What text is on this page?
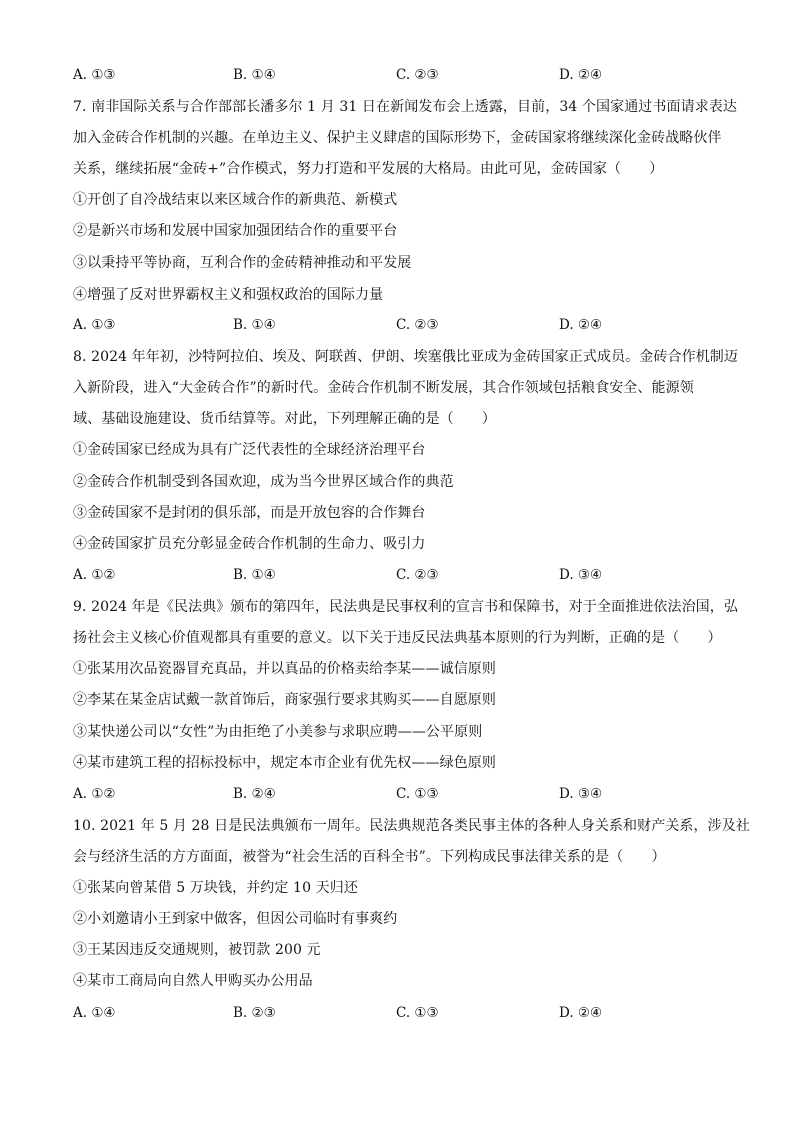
A. ①③	B. ①④	C. ②③	D. ②④
7. 南非国际关系与合作部部长潘多尔 1 月 31 日在新闻发布会上透露，目前，34 个国家通过书面请求表达
加入金砖合作机制的兴趣。在单边主义、保护主义肆虐的国际形势下，金砖国家将继续深化金砖战略伙伴
关系，继续拓展“金砖+”合作模式，努力打造和平发展的大格局。由此可见，金砖国家（　　）
①开创了自冷战结束以来区域合作的新典范、新模式
②是新兴市场和发展中国家加强团结合作的重要平台
③以秉持平等协商，互利合作的金砖精神推动和平发展
④增强了反对世界霸权主义和强权政治的国际力量
A. ①③	B. ①④	C. ②③	D. ②④
8. 2024 年年初，沙特阿拉伯、埃及、阿联酋、伊朗、埃塞俄比亚成为金砖国家正式成员。金砖合作机制迈
入新阶段，进入“大金砖合作”的新时代。金砖合作机制不断发展，其合作领域包括粮食安全、能源领
域、基础设施建设、货币结算等。对此，下列理解正确的是（　　）
①金砖国家已经成为具有广泛代表性的全球经济治理平台
②金砖合作机制受到各国欢迎，成为当今世界区域合作的典范
③金砖国家不是封闭的俱乐部，而是开放包容的合作舞台
④金砖国家扩员充分彰显金砖合作机制的生命力、吸引力
A. ①②	B. ①④	C. ②③	D. ③④
9. 2024 年是《民法典》颁布的第四年，民法典是民事权利的宣言书和保障书，对于全面推进依法治国，弘
扬社会主义核心价值观都具有重要的意义。以下关于违反民法典基本原则的行为判断，正确的是（　　）
①张某用次品瓷器冒充真品，并以真品的价格卖给李某——诚信原则
②李某在某金店试戴一款首饰后，商家强行要求其购买——自愿原则
③某快递公司以“女性”为由拒绝了小美参与求职应聘——公平原则
④某市建筑工程的招标投标中，规定本市企业有优先权——绿色原则
A. ①②	B. ②④	C. ①③	D. ③④
10. 2021 年 5 月 28 日是民法典颁布一周年。民法典规范各类民事主体的各种人身关系和财产关系，涉及社
会与经济生活的方方面面，被誉为“社会生活的百科全书”。下列构成民事法律关系的是（　　）
①张某向曾某借 5 万块钱，并约定 10 天归还
②小刘邀请小王到家中做客，但因公司临时有事爽约
③王某因违反交通规则，被罚款 200 元
④某市工商局向自然人甲购买办公用品
A. ①④	B. ②③	C. ①③	D. ②④
